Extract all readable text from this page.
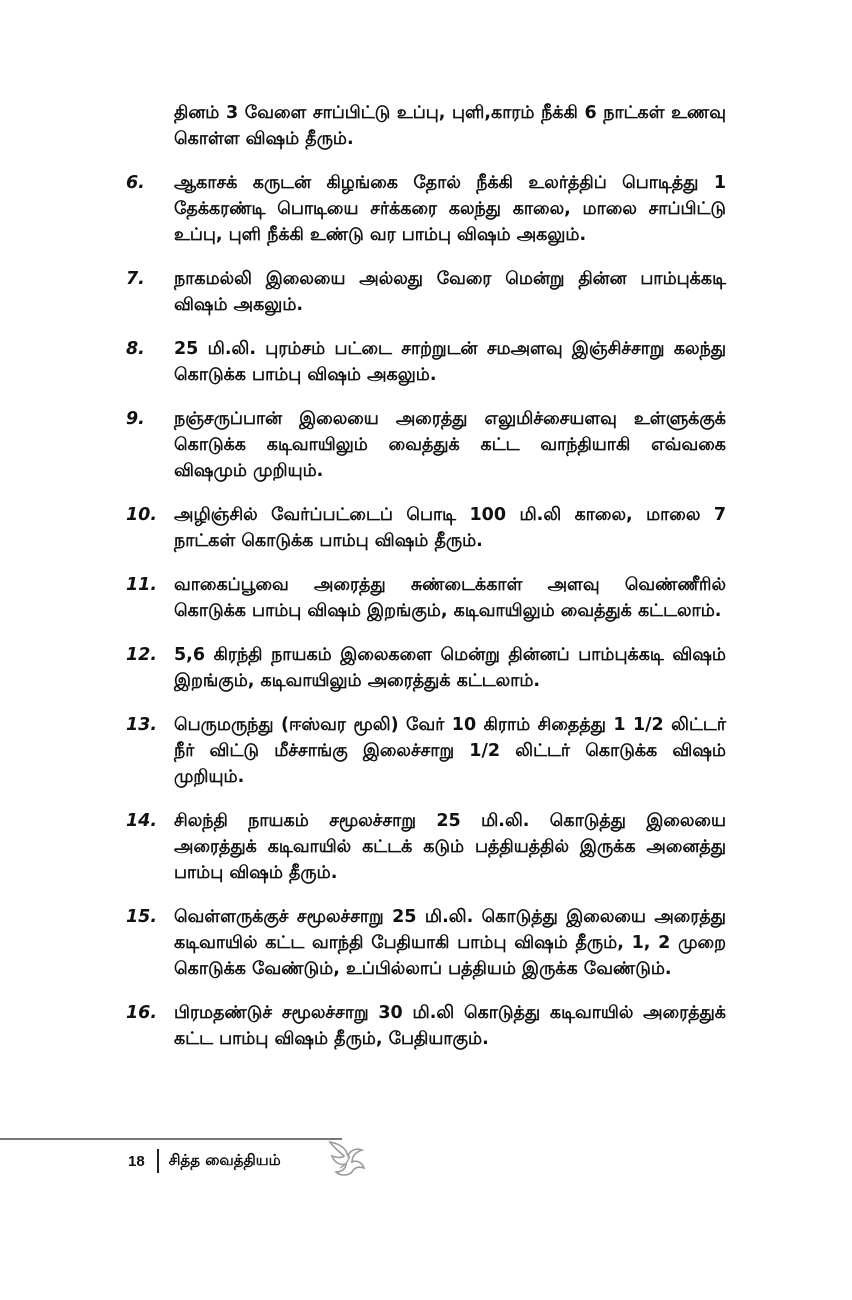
தினம் 3 வேளை சாப்பிட்டு உப்பு, புளி,காரம் நீக்கி 6 நாட்கள் உணவு கொள்ள விஷம் தீரும்.
6.	ஆகாசக் கருடன் கிழங்கை தோல் நீக்கி உலர்த்திப் பொடித்து 1 தேக்கரண்டி பொடியை சர்க்கரை கலந்து காலை, மாலை சாப்பிட்டு உப்பு, புளி நீக்கி உண்டு வர பாம்பு விஷம் அகலும்.
7.	நாகமல்லி இலையை அல்லது வேரை மென்று தின்ன பாம்புக்கடி விஷம் அகலும்.
8.	25 மி.லி. புரம்சம் பட்டை சாற்றுடன் சமஅளவு இஞ்சிச்சாறு கலந்து கொடுக்க பாம்பு விஷம் அகலும்.
9.	நஞ்சருப்பான் இலையை அரைத்து எலுமிச்சையளவு உள்ளுக்குக் கொடுக்க கடிவாயிலும் வைத்துக் கட்ட வாந்தியாகி எவ்வகை விஷமும் முறியும்.
10. அழிஞ்சில் வேர்ப்பட்டைப் பொடி 100 மி.லி காலை, மாலை 7 நாட்கள் கொடுக்க பாம்பு விஷம் தீரும்.
11. வாகைப்பூவை அரைத்து சுண்டைக்காள் அளவு வெண்ணீரில் கொடுக்க பாம்பு விஷம் இறங்கும், கடிவாயிலும் வைத்துக் கட்டலாம்.
12. 5,6 கிரந்தி நாயகம் இலைகளை மென்று தின்னப் பாம்புக்கடி விஷம் இறங்கும், கடிவாயிலும் அரைத்துக் கட்டலாம்.
13. பெருமருந்து (ஈஸ்வர மூலி) வேர் 10 கிராம் சிதைத்து 1 1/2 லிட்டர் நீர் விட்டு மீச்சாங்கு இலைச்சாறு 1/2 லிட்டர் கொடுக்க விஷம் முறியும்.
14. சிலந்தி நாயகம் சமூலச்சாறு 25 மி.லி. கொடுத்து இலையை அரைத்துக் கடிவாயில் கட்டக் கடும் பத்தியத்தில் இருக்க அனைத்து பாம்பு விஷம் தீரும்.
15. வெள்ளருக்குச் சமூலச்சாறு 25 மி.லி. கொடுத்து இலையை அரைத்து கடிவாயில் கட்ட வாந்தி பேதியாகி பாம்பு விஷம் தீரும், 1, 2 முறை கொடுக்க வேண்டும், உப்பில்லாப் பத்தியம் இருக்க வேண்டும்.
16. பிரமதண்டுச் சமூலச்சாறு 30 மி.லி கொடுத்து கடிவாயில் அரைத்துக் கட்ட பாம்பு விஷம் தீரும், பேதியாகும்.
18 சித்த வைத்தியம்
